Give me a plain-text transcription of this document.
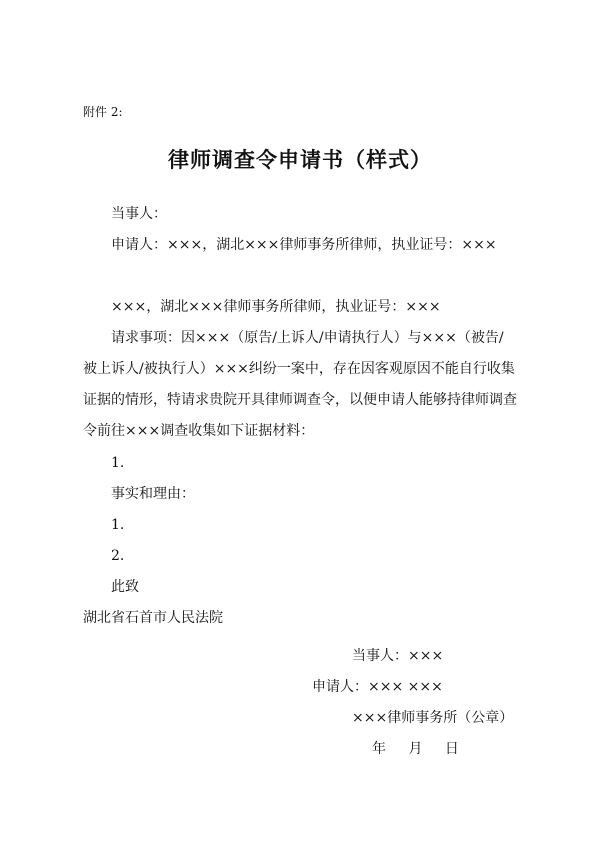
附件 2:
律师调查令申请书（样式）
当事人：
申请人：×××，湖北×××律师事务所律师，执业证号：×××
×××，湖北×××律师事务所律师，执业证号：×××
请求事项：因×××（原告/上诉人/申请执行人）与×××（被告/被上诉人/被执行人）×××纠纷一案中，存在因客观原因不能自行收集证据的情形，特请求贵院开具律师调查令，以便申请人能够持律师调查令前往×××调查收集如下证据材料：
1.
事实和理由：
1.
2.
此致
湖北省石首市人民法院
当事人：×××
申请人：××× ×××
×××律师事务所（公章）
年 月 日
